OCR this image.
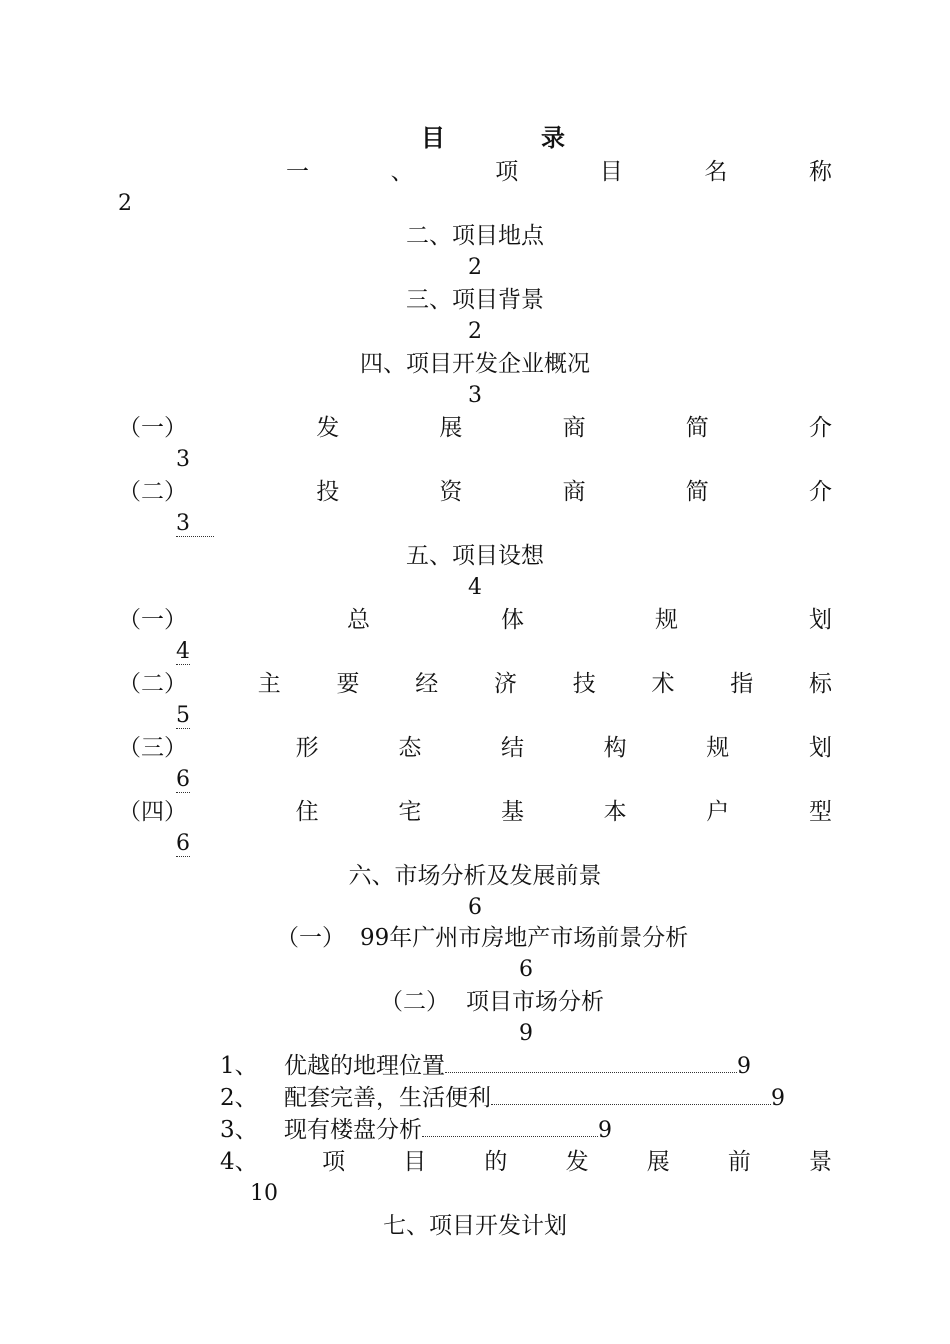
目　录
一	、	项	目	名	称
2
二、项目地点
2
三、项目背景
2
四、项目开发企业概况
3
（一）	发	展	商	简	介
3
（二）	投	资	商	简	介
3
五、项目设想
4
（一）	总	体	规	划
4
（二）	主 要 经 济 技 术 指 标
5
（三）	形	态	结	构	规	划
6
（四）	住	宅	基	本	户	型
6
六、市场分析及发展前景
6
（一） 99年广州市房地产市场前景分析
6
（二） 项目市场分析
9
1、 优越的地理位置	9
2、 配套完善，生活便利	9
3、 现有楼盘分析	9
4、	项	目	的	发	展	前	景
10
七、项目开发计划
